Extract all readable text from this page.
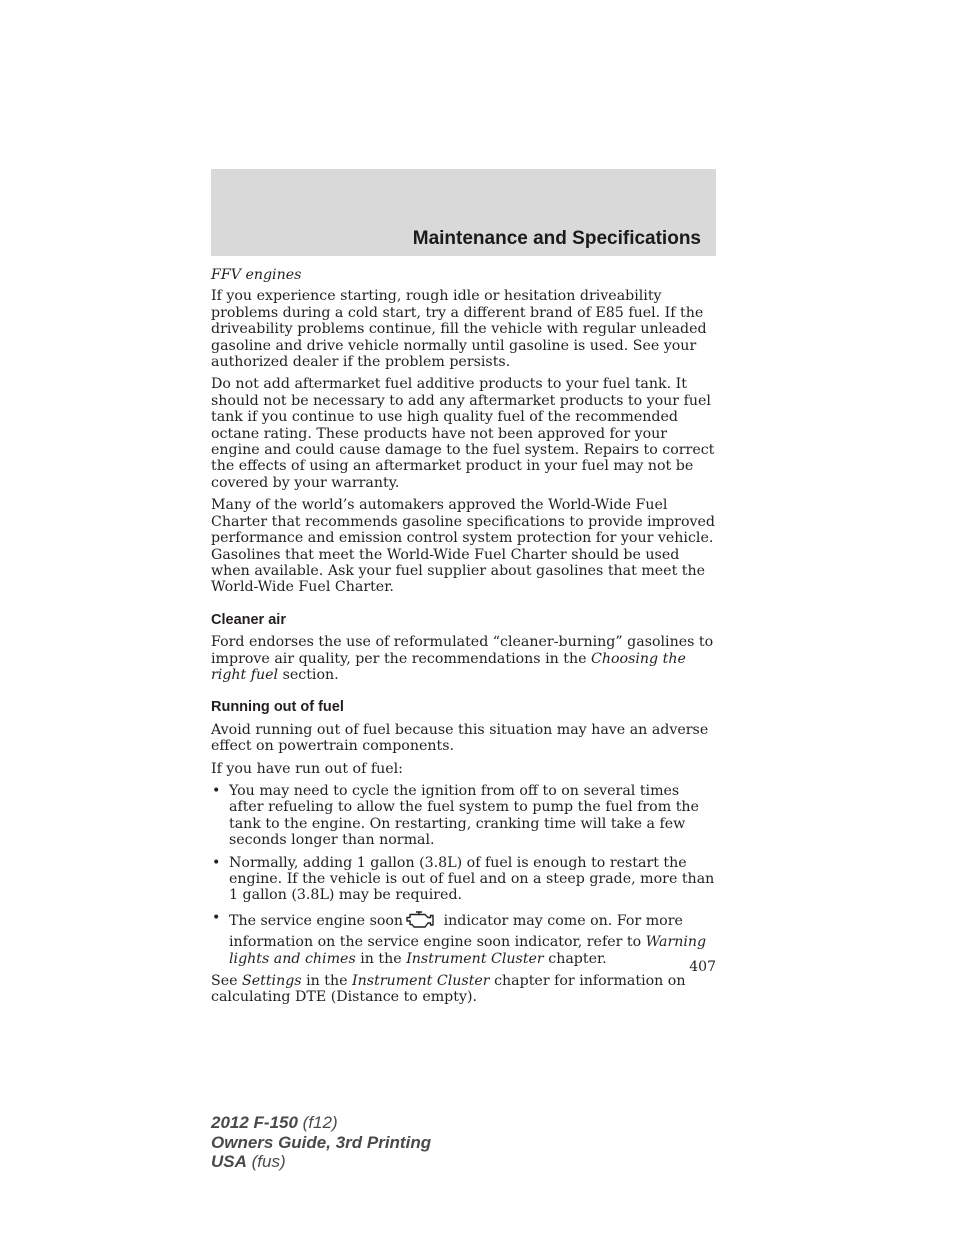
Maintenance and Specifications

FFV engines

If you experience starting, rough idle or hesitation driveability problems during a cold start, try a different brand of E85 fuel. If the driveability problems continue, fill the vehicle with regular unleaded gasoline and drive vehicle normally until gasoline is used. See your authorized dealer if the problem persists.

Do not add aftermarket fuel additive products to your fuel tank. It should not be necessary to add any aftermarket products to your fuel tank if you continue to use high quality fuel of the recommended octane rating. These products have not been approved for your engine and could cause damage to the fuel system. Repairs to correct the effects of using an aftermarket product in your fuel may not be covered by your warranty.

Many of the world’s automakers approved the World-Wide Fuel Charter that recommends gasoline specifications to provide improved performance and emission control system protection for your vehicle. Gasolines that meet the World-Wide Fuel Charter should be used when available. Ask your fuel supplier about gasolines that meet the World-Wide Fuel Charter.

Cleaner air

Ford endorses the use of reformulated “cleaner-burning” gasolines to improve air quality, per the recommendations in the Choosing the right fuel section.

Running out of fuel

Avoid running out of fuel because this situation may have an adverse effect on powertrain components.

If you have run out of fuel:

• You may need to cycle the ignition from off to on several times after refueling to allow the fuel system to pump the fuel from the tank to the engine. On restarting, cranking time will take a few seconds longer than normal.
• Normally, adding 1 gallon (3.8L) of fuel is enough to restart the engine. If the vehicle is out of fuel and on a steep grade, more than 1 gallon (3.8L) may be required.
• The service engine soon	indicator may come on. For more information on the service engine soon indicator, refer to Warning lights and chimes in the Instrument Cluster chapter.

See Settings in the Instrument Cluster chapter for information on calculating DTE (Distance to empty).

407
2012 F-150 (f12)
Owners Guide, 3rd Printing
USA (fus)
